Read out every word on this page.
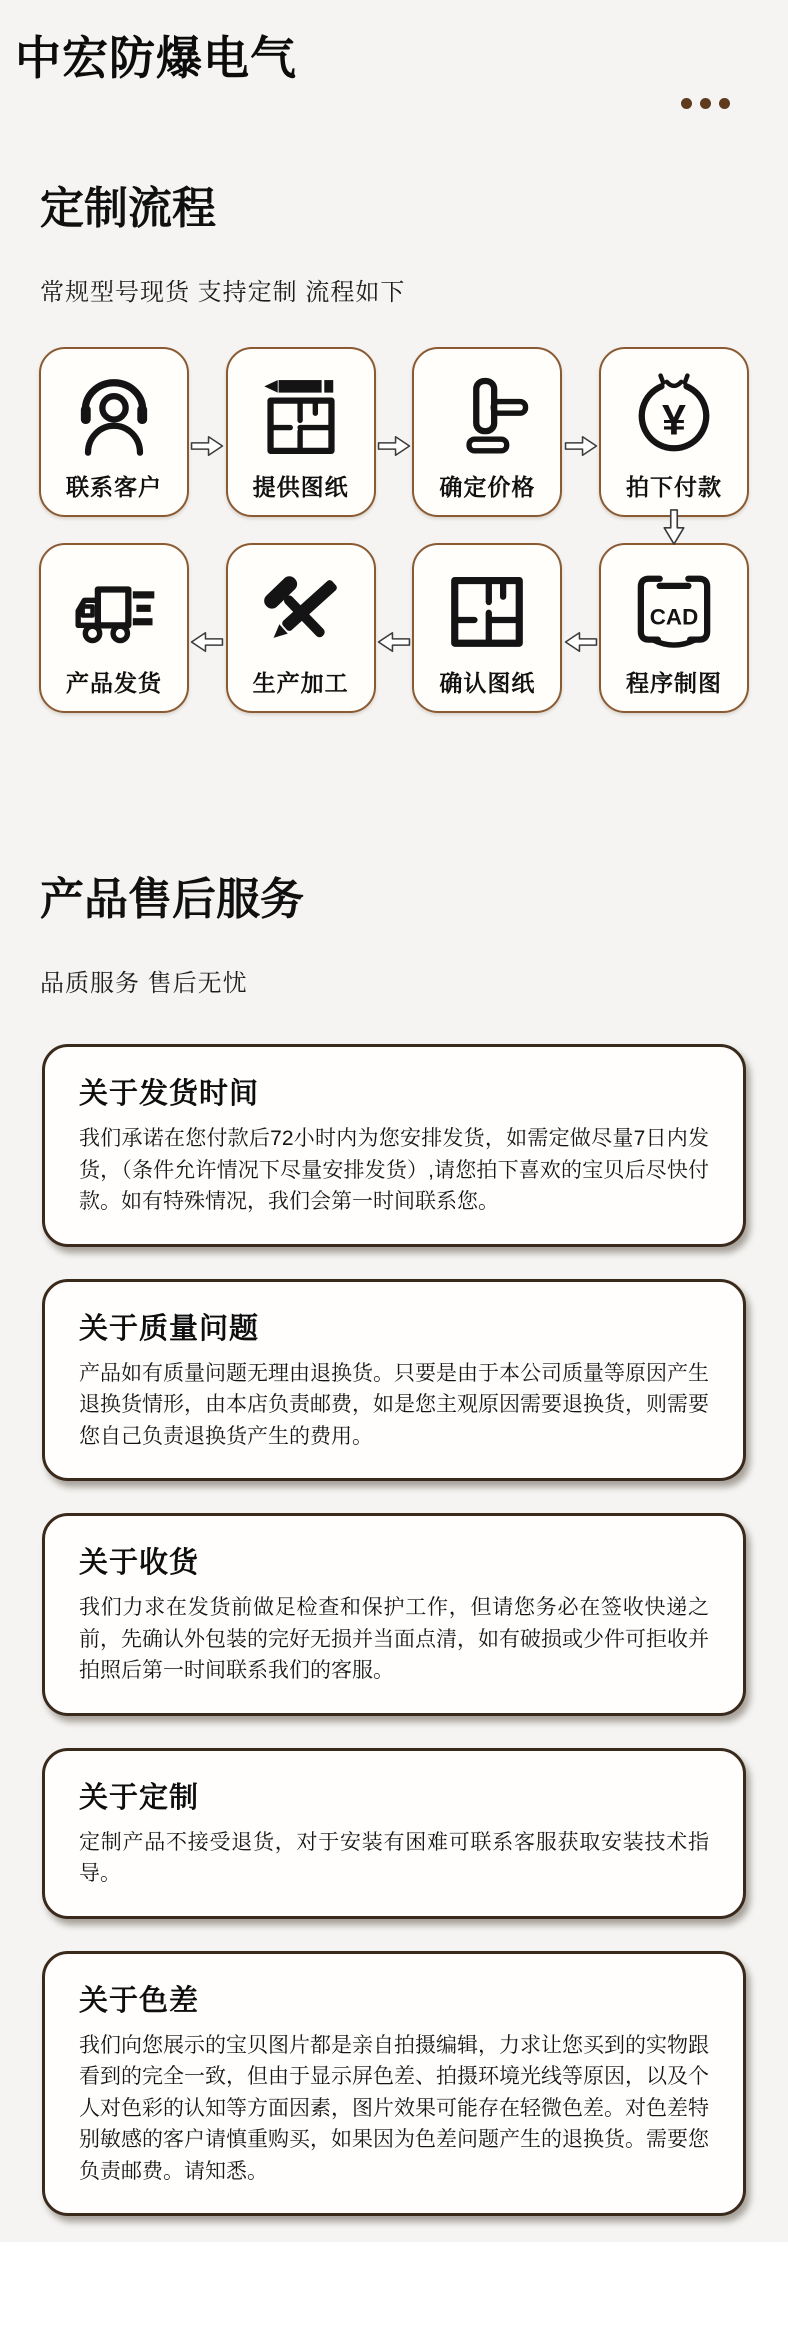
中宏防爆电气
定制流程
常规型号现货 支持定制 流程如下
联系客户	提供图纸	确定价格
¥
拍下付款
产品发货	生产加工	确认图纸
CAD
程序制图
产品售后服务
品质服务 售后无忧
关于发货时间

我们承诺在您付款后72小时内为您安排发货，如需定做尽量7日内发货，（条件允许情况下尽量安排发货）,请您拍下喜欢的宝贝后尽快付款。如有特殊情况，我们会第一时间联系您。

关于质量问题

产品如有质量问题无理由退换货。只要是由于本公司质量等原因产生退换货情形，由本店负责邮费，如是您主观原因需要退换货，则需要您自己负责退换货产生的费用。

关于收货

我们力求在发货前做足检查和保护工作，但请您务必在签收快递之前，先确认外包装的完好无损并当面点清，如有破损或少件可拒收并拍照后第一时间联系我们的客服。

关于定制

定制产品不接受退货，对于安装有困难可联系客服获取安装技术指导。

关于色差

我们向您展示的宝贝图片都是亲自拍摄编辑，力求让您买到的实物跟看到的完全一致，但由于显示屏色差、拍摄环境光线等原因，以及个人对色彩的认知等方面因素，图片效果可能存在轻微色差。对色差特别敏感的客户请慎重购买，如果因为色差问题产生的退换货。需要您负责邮费。请知悉。
